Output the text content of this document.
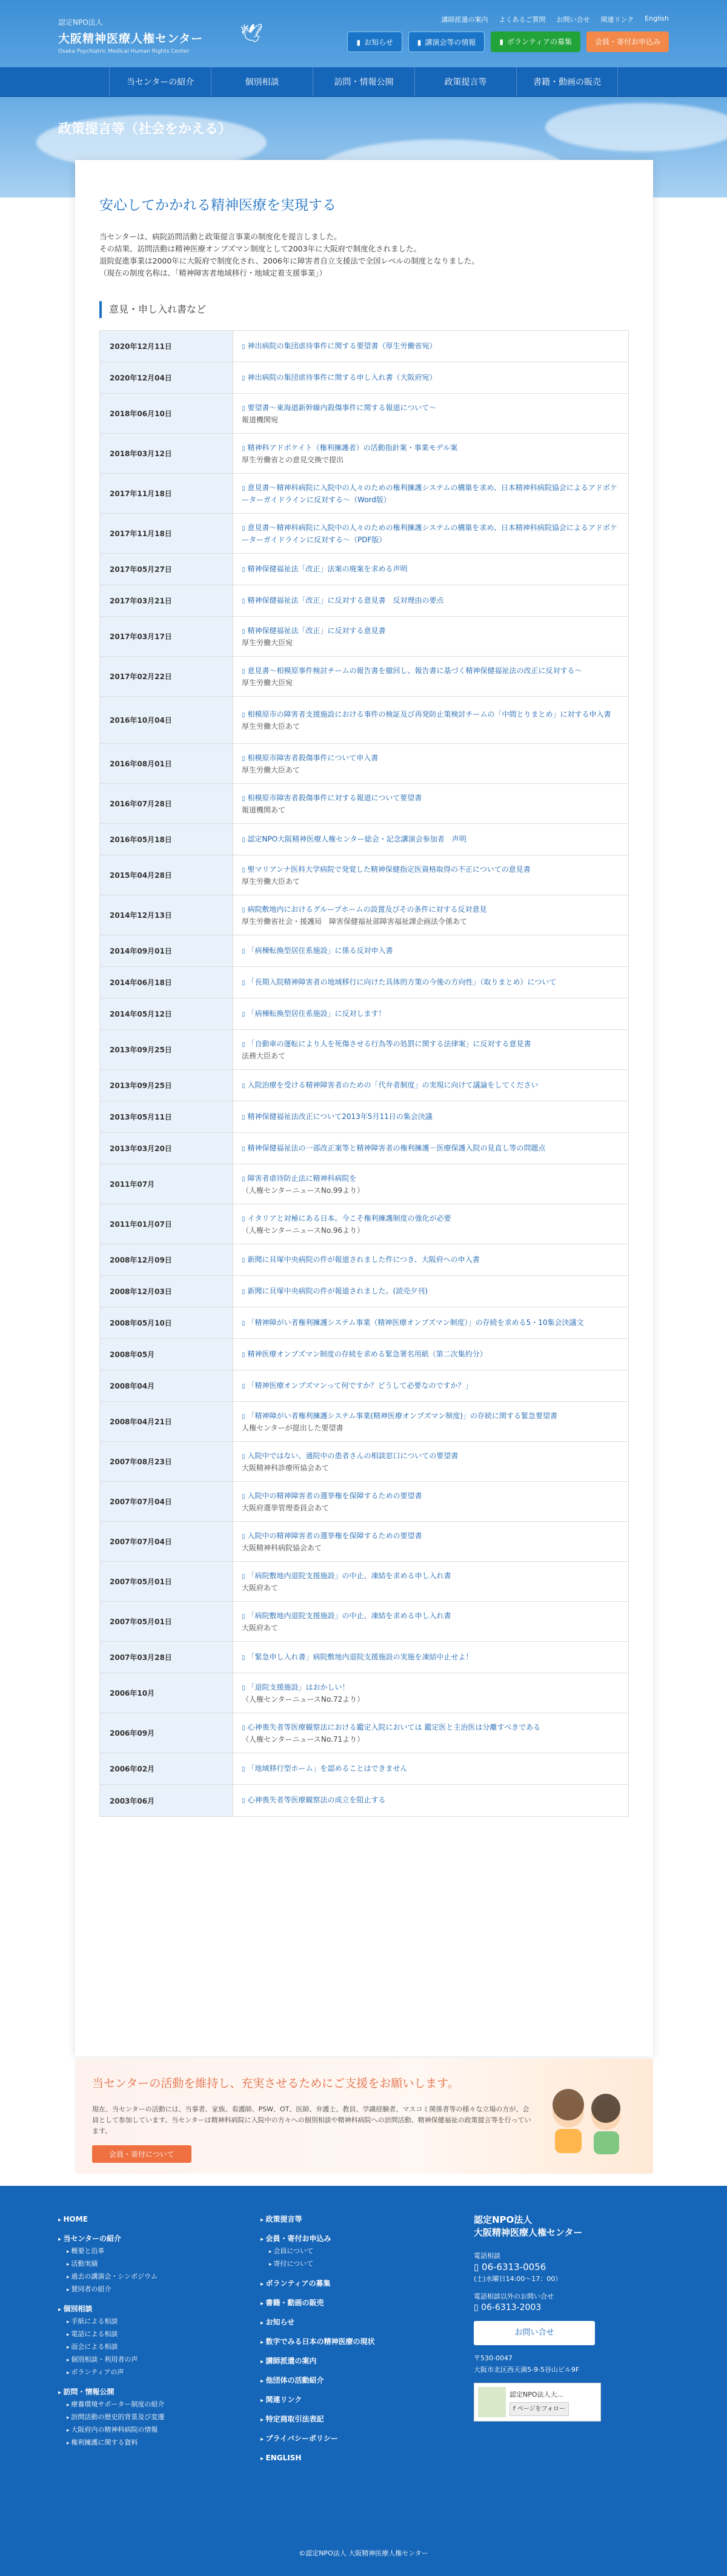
認定NPO法人
大阪精神医療人権センター
Osaka Psychiatric Medical Human Rights Center
🕊
講師派遣の案内 よくあるご質問 お問い合せ 関連リンク English
▮ お知らせ	▮ 講演会等の情報	▮ ボランティアの募集	会員・寄付お申込み
当センターの紹介	個別相談	訪問・情報公開	政策提言等	書籍・動画の販売
政策提言等（社会をかえる）
安心してかかれる精神医療を実現する

当センターは、病院訪問活動と政策提言事業の制度化を提言しました。

その結果、訪問活動は精神医療オンブズマン制度として2003年に大阪府で制度化されました。

退院促進事業は2000年に大阪府で制度化され、2006年に障害者自立支援法で全国レベルの制度となりました。

（現在の制度名称は、「精神障害者地域移行・地域定着支援事業」）

意見・申し入れ書など
2020年12月11日	▯ 神出病院の集団虐待事件に関する要望書（厚生労働省宛）
2020年12月04日	▯ 神出病院の集団虐待事件に関する申し入れ書（大阪府宛）
2018年06月10日
▯ 要望書～東海道新幹線内殺傷事件に関する報道について～
報道機関宛
2018年03月12日
▯ 精神科アドボケイト（権利擁護者）の活動指針案・事業モデル案
厚生労働省との意見交換で提出
2017年11月18日
▯ 意見書～精神科病院に入院中の人々のための権利擁護システムの構築を求め、日本精神科病院協会によるアドボケーターガイドラインに反対する～（Word版）
2017年11月18日
▯ 意見書～精神科病院に入院中の人々のための権利擁護システムの構築を求め、日本精神科病院協会によるアドボケーターガイドラインに反対する～（PDF版）
2017年05月27日	▯ 精神保健福祉法「改正」法案の廃案を求める声明
2017年03月21日	▯ 精神保健福祉法「改正」に反対する意見書　反対理由の要点
2017年03月17日
▯ 精神保健福祉法「改正」に反対する意見書
厚生労働大臣宛
2017年02月22日
▯ 意見書～相模原事件検討チームの報告書を撤回し、報告書に基づく精神保健福祉法の改正に反対する～
厚生労働大臣宛
2016年10月04日
▯ 相模原市の障害者支援施設における事件の検証及び再発防止策検討チームの「中間とりまとめ」に対する申入書
厚生労働大臣あて
2016年08月01日
▯ 相模原市障害者殺傷事件について申入書
厚生労働大臣あて
2016年07月28日
▯ 相模原市障害者殺傷事件に対する報道について要望書
報道機関あて
2016年05月18日	▯ 認定NPO大阪精神医療人権センター総会・記念講演会参加者　声明
2015年04月28日
▯ 聖マリアンナ医科大学病院で発覚した精神保健指定医資格取得の不正についての意見書
厚生労働大臣あて
2014年12月13日
▯ 病院敷地内におけるグループホームの設置及びその条件に対する反対意見
厚生労働省社会・援護局　障害保健福祉部障害福祉課企画法令係あて
2014年09月01日	▯ 「病棟転換型居住系施設」に係る反対申入書
2014年06月18日	▯ 「長期入院精神障害者の地域移行に向けた具体的方策の今後の方向性」（取りまとめ）について
2014年05月12日	▯ 「病棟転換型居住系施設」に反対します！
2013年09月25日
▯ 「自動車の運転により人を死傷させる行為等の処罰に関する法律案」に反対する意見書
法務大臣あて
2013年09月25日	▯ 入院治療を受ける精神障害者のための「代弁者制度」の実現に向けて議論をしてください
2013年05月11日	▯ 精神保健福祉法改正について2013年5月11日の集会決議
2013年03月20日	▯ 精神保健福祉法の一部改正案等と精神障害者の権利擁護－医療保護入院の見直し等の問題点
2011年07月
▯ 障害者虐待防止法に精神科病院を
（人権センターニュースNo.99より）
2011年01月07日
▯ イタリアと対極にある日本。今こそ権利擁護制度の強化が必要
（人権センターニュースNo.96より）
2008年12月09日	▯ 新聞に貝塚中央病院の件が報道されました件につき、大阪府への申入書
2008年12月03日	▯ 新聞に貝塚中央病院の件が報道されました。(読売夕刊)
2008年05月10日	▯ 「精神障がい者権利擁護システム事業（精神医療オンブズマン制度）」の存続を求める5・10集会決議文
2008年05月	▯ 精神医療オンブズマン制度の存続を求める緊急署名用紙（第二次集約分）
2008年04月	▯ 「精神医療オンブズマンって何ですか？どうして必要なのですか？」
2008年04月21日
▯ 「精神障がい者権利擁護システム事業(精神医療オンブズマン制度)」の存続に関する緊急要望書
人権センターが提出した要望書
2007年08月23日
▯ 入院中ではない、通院中の患者さんの相談窓口についての要望書
大阪精神科診療所協会あて
2007年07月04日
▯ 入院中の精神障害者の選挙権を保障するための要望書
大阪府選挙管理委員会あて
2007年07月04日
▯ 入院中の精神障害者の選挙権を保障するための要望書
大阪精神科病院協会あて
2007年05月01日
▯ 「病院敷地内退院支援施設」の中止、凍結を求める申し入れ書
大阪府あて
2007年05月01日
▯ 「病院敷地内退院支援施設」の中止、凍結を求める申し入れ書
大阪府あて
2007年03月28日	▯ 「緊急申し入れ書」病院敷地内退院支援施設の実施を凍結中止せよ！
2006年10月
▯ 「退院支援施設」はおかしい！
（人権センターニュースNo.72より）
2006年09月
▯ 心神喪失者等医療観察法における鑑定入院においては 鑑定医と主治医は分離すべきである
（人権センターニュースNo.71より）
2006年02月	▯ 「地域移行型ホーム」を認めることはできません
2003年06月	▯ 心神喪失者等医療観察法の成立を阻止する
当センターの活動を維持し、充実させるためにご支援をお願いします。
現在、当センターの活動には、当事者、家族、看護師、PSW、OT、医師、弁護士、教員、学識経験者、マスコミ関係者等の様々な立場の方が、会員として参加しています。当センターは精神科病院に入院中の方々への個別相談や精神科病院への訪問活動、精神保健福祉の政策提言等を行っています。
会員・寄付について
▸ HOME
▸ 当センターの紹介
▸ 概要と沿革
▸ 活動実績
▸ 過去の講演会・シンポジウム
▸ 賛同者の紹介
▸ 個別相談
▸ 手紙による相談
▸ 電話による相談
▸ 面会による相談
▸ 個別相談・利用者の声
▸ ボランティアの声
▸ 訪問・情報公開
▸ 療養環境サポーター制度の紹介
▸ 訪問活動の歴史的背景及び変遷
▸ 大阪府内の精神科病院の情報
▸ 権利擁護に関する資料
▸ 政策提言等
▸ 会員・寄付お申込み
▸ 会員について
▸ 寄付について
▸ ボランティアの募集
▸ 書籍・動画の販売
▸ お知らせ
▸ 数字でみる日本の精神医療の現状
▸ 講師派遣の案内
▸ 他団体の活動紹介
▸ 関連リンク
▸ 特定商取引法表記
▸ プライバシーポリシー
▸ ENGLISH
認定NPO法人
大阪精神医療人権センター
電話相談
▯ 06-6313-0056
(土)水曜日14:00～17：00）
電話相談以外のお問い合せ
▯ 06-6313-2003
お問い合せ
〒530-0047
大阪市北区西天満5-9-5谷山ビル9F
認定NPO法人大...
f ページをフォロー
©認定NPO法人 大阪精神医療人権センター
